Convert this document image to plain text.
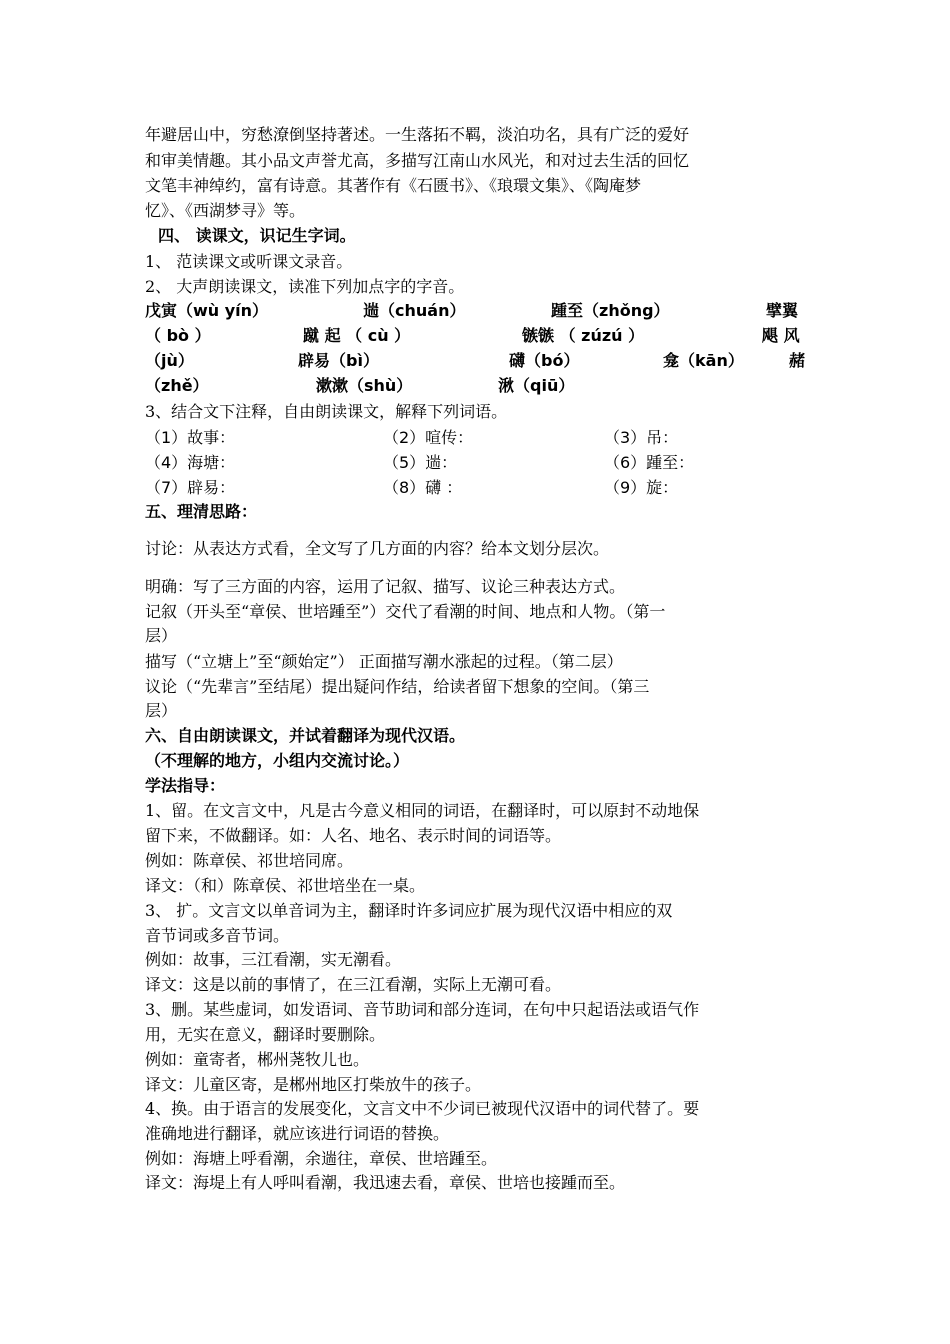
年避居山中，穷愁潦倒坚持著述。一生落拓不羁，淡泊功名，具有广泛的爱好
和审美情趣。其小品文声誉尤高，多描写江南山水风光，和对过去生活的回忆
文笔丰神绰约，富有诗意。其著作有《石匮书》、《琅環文集》、《陶庵梦
忆》、《西湖梦寻》等。
四、 读课文，识记生字词。
1、 范读课文或听课文录音。
2、 大声朗读课文，读准下列加点字的字音。
戊寅（wù yín）	遄（chuán）	踵至（zhǒng）	擘翼
（ bò ）	蹴 起 （ cù ）	镞镞 （ zúzú ）	飓 风
（jù）	辟易（bì）	礴（bó）	龛（kān）	赭
（zhě）	漱漱（shù）	湫（qiū）
3、结合文下注释，自由朗读课文，解释下列词语。
（1）故事：	（2）喧传：	（3）吊：
（4）海塘：	（5）遄：	（6）踵至：
（7）辟易：	（8）礴 ：	（9）旋：
五、理清思路：
讨论：从表达方式看，全文写了几方面的内容？给本文划分层次。
明确：写了三方面的内容，运用了记叙、描写、议论三种表达方式。
记叙（开头至“章侯、世培踵至”）交代了看潮的时间、地点和人物。（第一
层）
描写（“立塘上”至“颜始定”） 正面描写潮水涨起的过程。（第二层）
议论（“先辈言”至结尾）提出疑问作结，给读者留下想象的空间。（第三
层）
六、自由朗读课文，并试着翻译为现代汉语。
（不理解的地方，小组内交流讨论。）
学法指导：
1、留。在文言文中，凡是古今意义相同的词语，在翻译时，可以原封不动地保
留下来，不做翻译。如：人名、地名、表示时间的词语等。
例如：陈章侯、祁世培同席。
译文：（和）陈章侯、祁世培坐在一桌。
3、 扩。文言文以单音词为主，翻译时许多词应扩展为现代汉语中相应的双
音节词或多音节词。
例如：故事，三江看潮，实无潮看。
译文：这是以前的事情了，在三江看潮，实际上无潮可看。
3、删。某些虚词，如发语词、音节助词和部分连词，在句中只起语法或语气作
用，无实在意义，翻译时要删除。
例如：童寄者，郴州荛牧儿也。
译文：儿童区寄，是郴州地区打柴放牛的孩子。
4、换。由于语言的发展变化，文言文中不少词已被现代汉语中的词代替了。要
准确地进行翻译，就应该进行词语的替换。
例如：海塘上呼看潮，余遄往，章侯、世培踵至。
译文：海堤上有人呼叫看潮，我迅速去看，章侯、世培也接踵而至。
